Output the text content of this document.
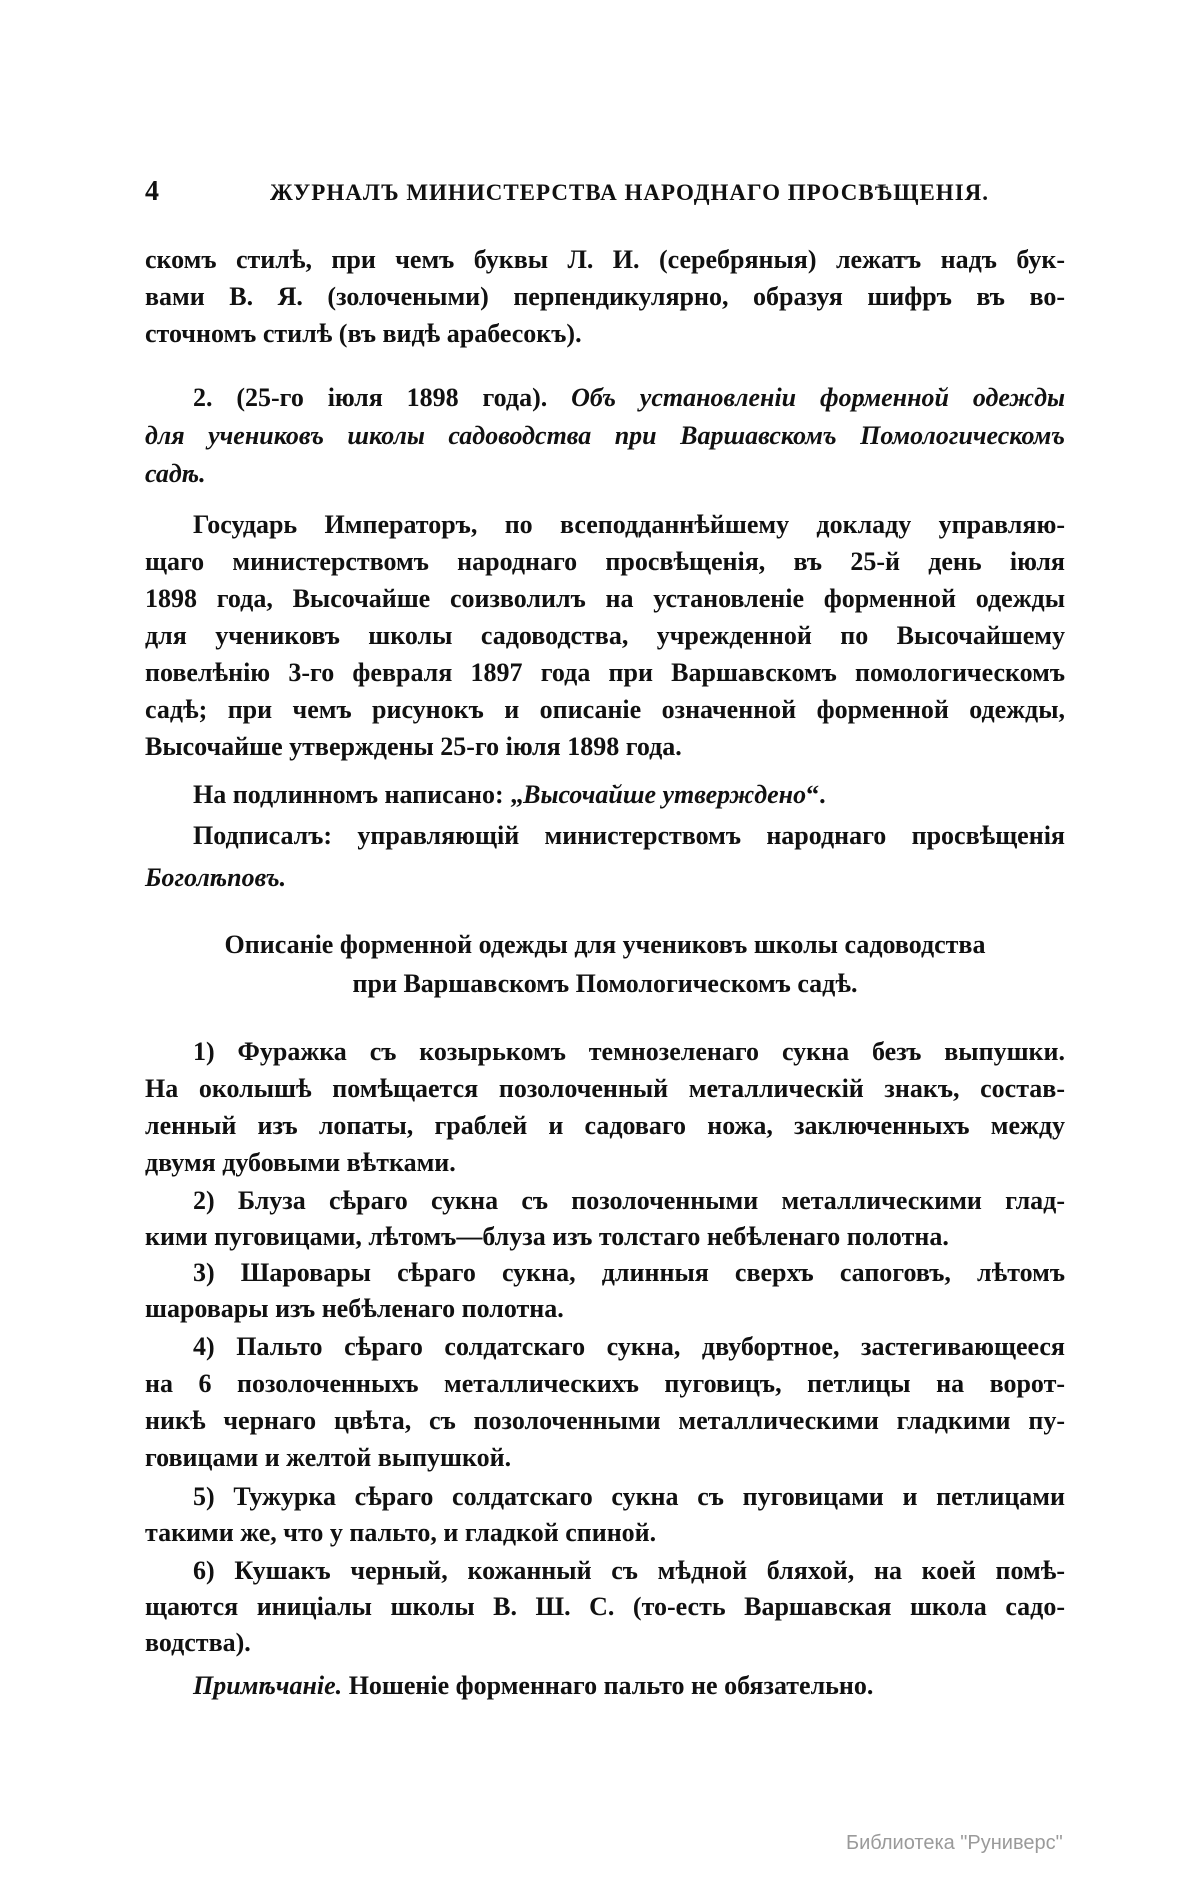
4	ЖУРНАЛЪ МИНИСТЕРСТВА НАРОДНАГО ПРОСВѢЩЕНІЯ.
скомъ стилѣ, при чемъ буквы Л. И. (серебряныя) лежатъ надъ бук-
вами В. Я. (золочеными) перпендикулярно, образуя шифръ въ во-
сточномъ стилѣ (въ видѣ арабесокъ).
2. (25-го іюля 1898 года). Объ установленіи форменной одежды
для учениковъ школы садоводства при Варшавскомъ Помологическомъ
садѣ.
Государь Императоръ, по всеподданнѣйшему докладу управляю-
щаго министерствомъ народнаго просвѣщенія, въ 25-й день іюля
1898 года, Высочайше соизволилъ на установленіе форменной одежды
для учениковъ школы садоводства, учрежденной по Высочайшему
повелѣнію 3-го февраля 1897 года при Варшавскомъ помологическомъ
садѣ; при чемъ рисунокъ и описаніе означенной форменной одежды,
Высочайше утверждены 25-го іюля 1898 года.
На подлинномъ написано: „Высочайше утверждено“.
Подписалъ: управляющій министерствомъ народнаго просвѣщенія
Боголѣповъ.
Описаніе форменной одежды для учениковъ школы садоводства
при Варшавскомъ Помологическомъ садѣ.
1) Фуражка съ козырькомъ темнозеленаго сукна безъ выпушки.
На околышѣ помѣщается позолоченный металлическій знакъ, состав-
ленный изъ лопаты, граблей и садоваго ножа, заключенныхъ между
двумя дубовыми вѣтками.
2) Блуза сѣраго сукна съ позолоченными металлическими глад-
кими пуговицами, лѣтомъ—блуза изъ толстаго небѣленаго полотна.
3) Шаровары сѣраго сукна, длинныя сверхъ сапоговъ, лѣтомъ
шаровары изъ небѣленаго полотна.
4) Пальто сѣраго солдатскаго сукна, двубортное, застегивающееся
на 6 позолоченныхъ металлическихъ пуговицъ, петлицы на ворот-
никѣ чернаго цвѣта, съ позолоченными металлическими гладкими пу-
говицами и желтой выпушкой.
5) Тужурка сѣраго солдатскаго сукна съ пуговицами и петлицами
такими же, что у пальто, и гладкой спиной.
6) Кушакъ черный, кожанный съ мѣдной бляхой, на коей помѣ-
щаются иниціалы школы В. Ш. С. (то-есть Варшавская школа садо-
водства).
Примѣчаніе. Ношеніе форменнаго пальто не обязательно.
Библиотека "Руниверс"
